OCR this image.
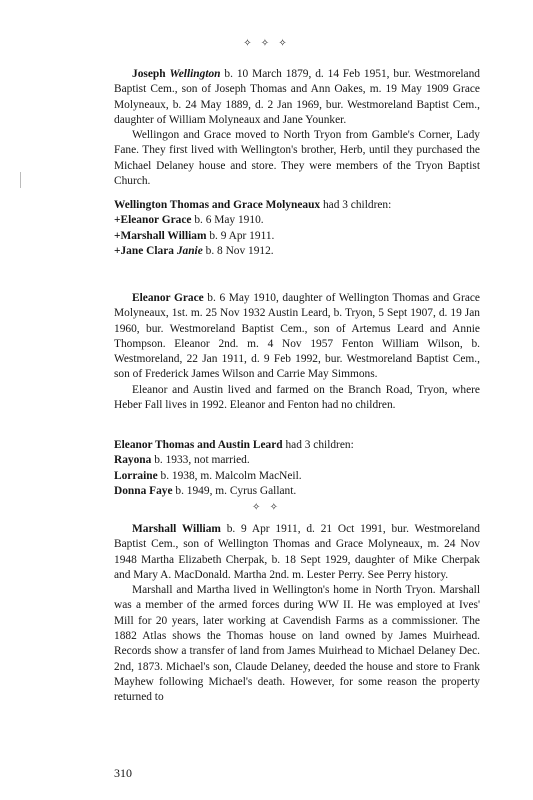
✧ ✧ ✧

Joseph Wellington b. 10 March 1879, d. 14 Feb 1951, bur. Westmoreland Baptist Cem., son of Joseph Thomas and Ann Oakes, m. 19 May 1909 Grace Molyneaux, b. 24 May 1889, d. 2 Jan 1969, bur. Westmoreland Baptist Cem., daughter of William Molyneaux and Jane Younker.

Wellingon and Grace moved to North Tryon from Gamble's Corner, Lady Fane. They first lived with Wellington's brother, Herb, until they purchased the Michael Delaney house and store. They were members of the Tryon Baptist Church.

Wellington Thomas and Grace Molyneaux had 3 children:
+Eleanor Grace b. 6 May 1910.
+Marshall William b. 9 Apr 1911.
+Jane Clara Janie b. 8 Nov 1912.

Eleanor Grace b. 6 May 1910, daughter of Wellington Thomas and Grace Molyneaux, 1st. m. 25 Nov 1932 Austin Leard, b. Tryon, 5 Sept 1907, d. 19 Jan 1960, bur. Westmoreland Baptist Cem., son of Artemus Leard and Annie Thompson. Eleanor 2nd. m. 4 Nov 1957 Fenton William Wilson, b. Westmoreland, 22 Jan 1911, d. 9 Feb 1992, bur. Westmoreland Baptist Cem., son of Frederick James Wilson and Carrie May Simmons.

Eleanor and Austin lived and farmed on the Branch Road, Tryon, where Heber Fall lives in 1992. Eleanor and Fenton had no children.

Eleanor Thomas and Austin Leard had 3 children:
Rayona b. 1933, not married.
Lorraine b. 1938, m. Malcolm MacNeil.
Donna Faye b. 1949, m. Cyrus Gallant.
✧ ✧

Marshall William b. 9 Apr 1911, d. 21 Oct 1991, bur. Westmoreland Baptist Cem., son of Wellington Thomas and Grace Molyneaux, m. 24 Nov 1948 Martha Elizabeth Cherpak, b. 18 Sept 1929, daughter of Mike Cherpak and Mary A. MacDonald. Martha 2nd. m. Lester Perry. See Perry history.

Marshall and Martha lived in Wellington's home in North Tryon. Marshall was a member of the armed forces during WW II. He was employed at Ives' Mill for 20 years, later working at Cavendish Farms as a commissioner. The 1882 Atlas shows the Thomas house on land owned by James Muirhead. Records show a transfer of land from James Muirhead to Michael Delaney Dec. 2nd, 1873. Michael's son, Claude Delaney, deeded the house and store to Frank Mayhew following Michael's death. However, for some reason the property returned to

310
